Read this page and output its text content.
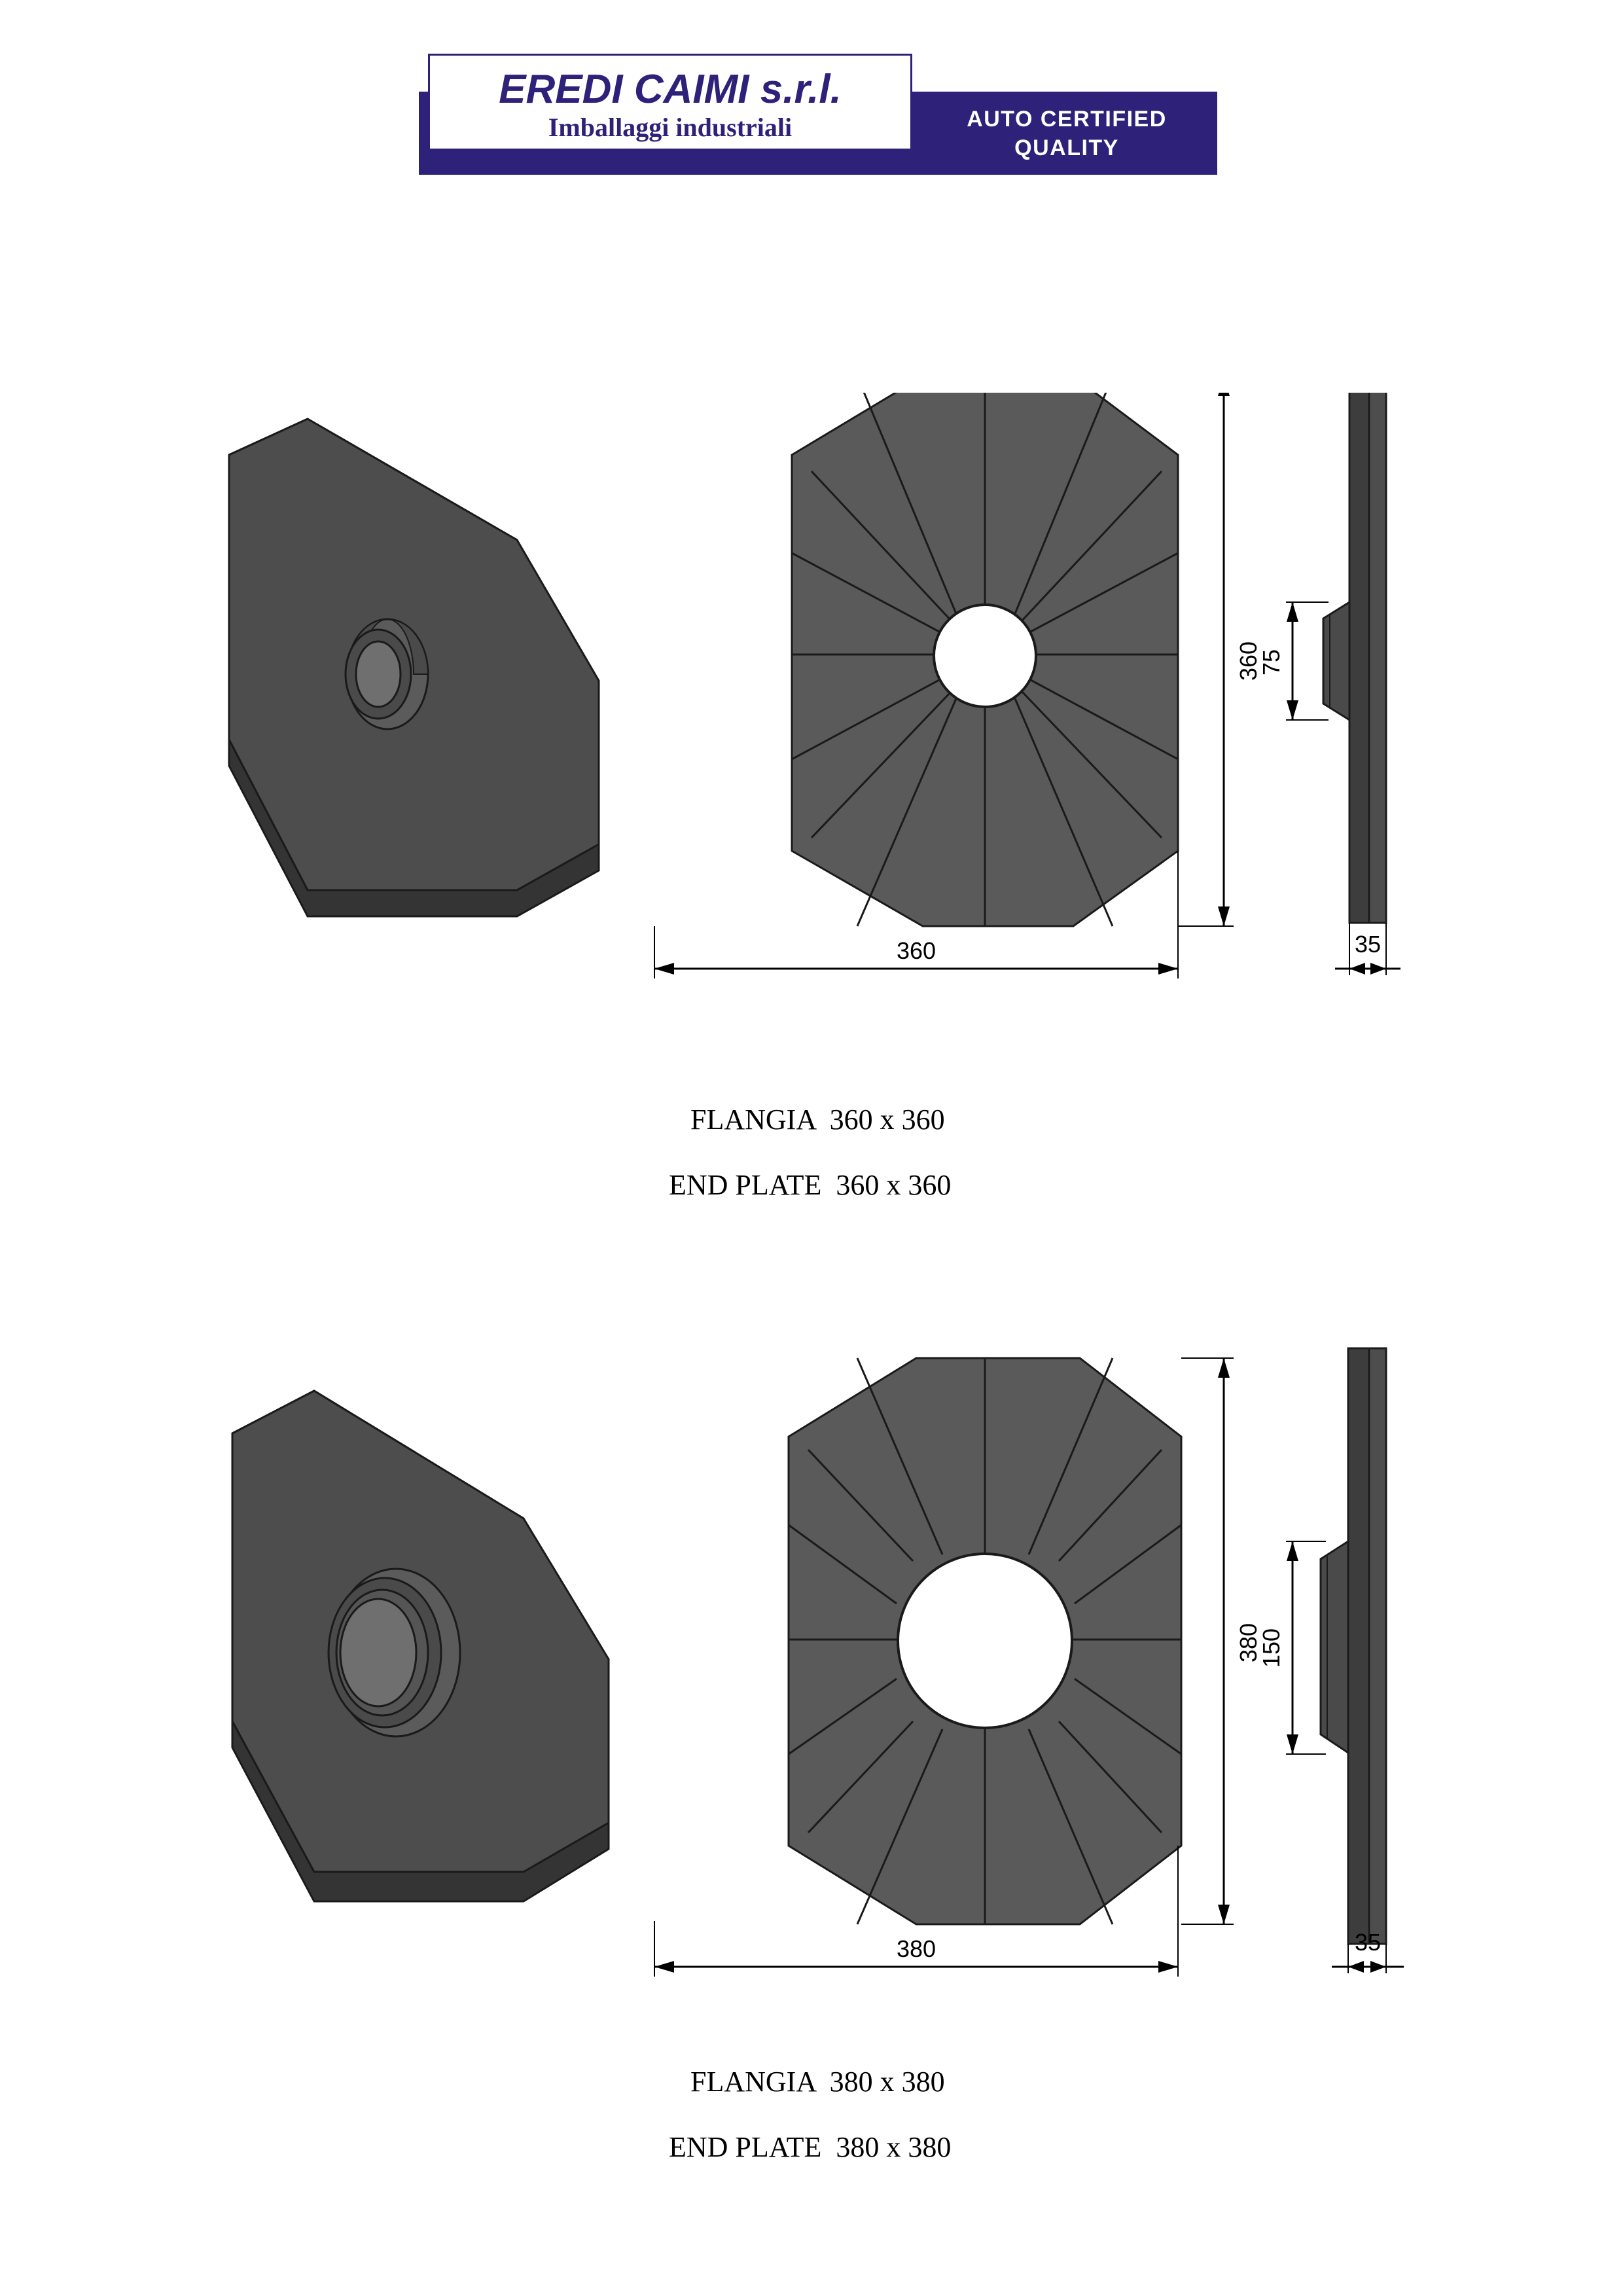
EREDI CAIMI s.r.l.
Imballaggi industriali	AUTO CERTIFIED
QUALITY
360
360
75
35
FLANGIA  360 x 360
END PLATE  360 x 360
380
380
150
35
FLANGIA  380 x 380
END PLATE  380 x 380
